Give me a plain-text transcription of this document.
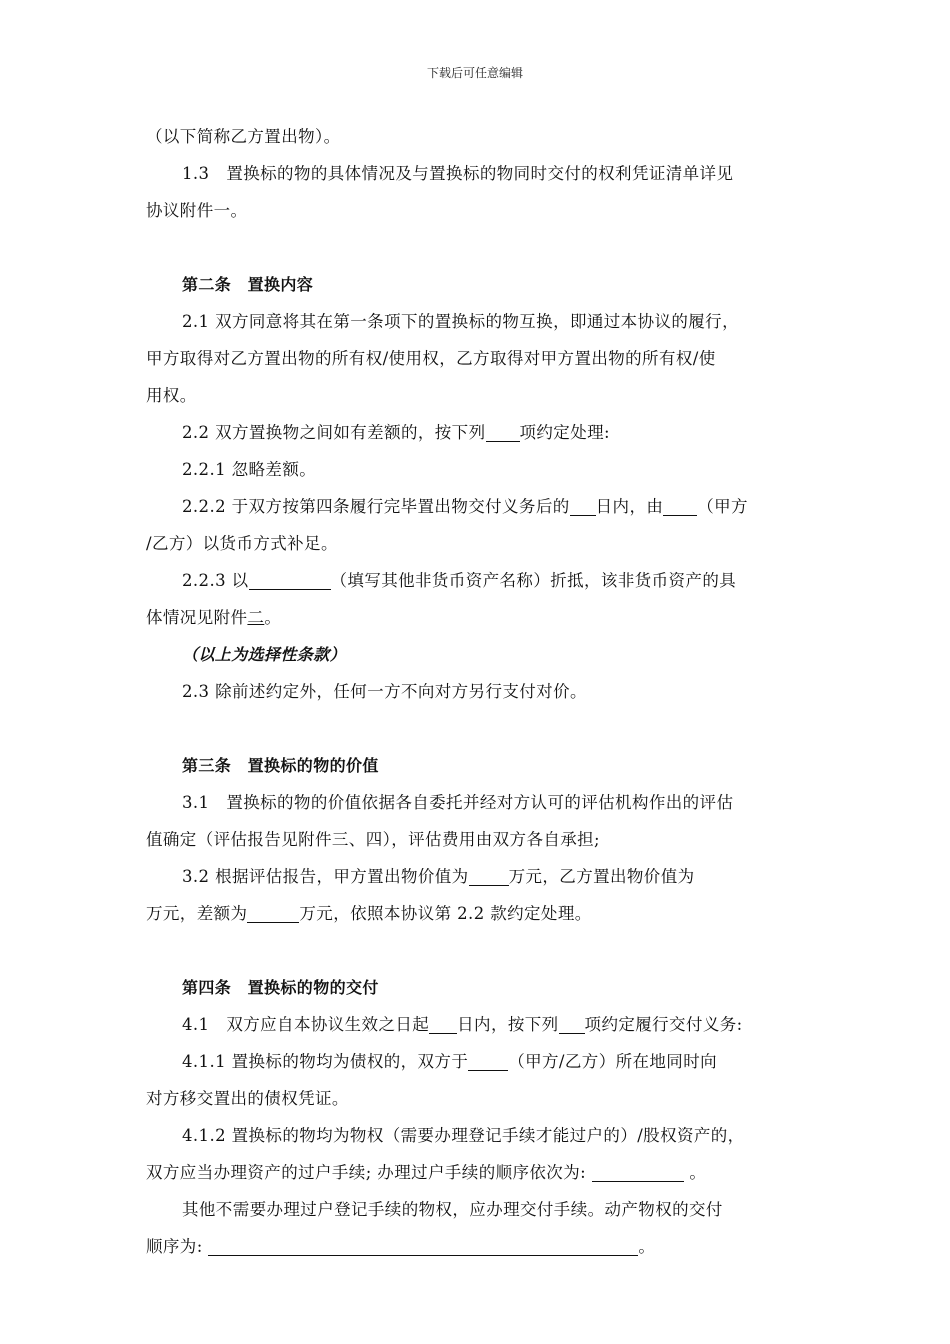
下载后可任意编辑
（以下简称乙方置出物）。
1.3　置换标的物的具体情况及与置换标的物同时交付的权利凭证清单详见
协议附件一。
第二条　置换内容
2.1 双方同意将其在第一条项下的置换标的物互换，即通过本协议的履行，
甲方取得对乙方置出物的所有权/使用权，乙方取得对甲方置出物的所有权/使
用权。
2.2 双方置换物之间如有差额的，按下列 项约定处理:
2.2.1 忽略差额。
2.2.2 于双方按第四条履行完毕置出物交付义务后的 日内，由 （甲方
/乙方）以货币方式补足。
2.2.3 以	（填写其他非货币资产名称）折抵，该非货币资产的具
体情况见附件二。
（以上为选择性条款）
2.3 除前述约定外，任何一方不向对方另行支付对价。
第三条　置换标的物的价值
3.1　置换标的物的价值依据各自委托并经对方认可的评估机构作出的评估
值确定（评估报告见附件三、四），评估费用由双方各自承担;
3.2 根据评估报告，甲方置出物价值为 万元，乙方置出物价值为
万元，差额为	万元，依照本协议第 2.2 款约定处理。
第四条　置换标的物的交付
4.1　双方应自本协议生效之日起 日内，按下列 项约定履行交付义务:
4.1.1 置换标的物均为债权的，双方于 （甲方/乙方）所在地同时向
对方移交置出的债权凭证。
4.1.2 置换标的物均为物权（需要办理登记手续才能过户的）/股权资产的，
双方应当办理资产的过户手续; 办理过户手续的顺序依次为:	。
其他不需要办理过户登记手续的物权，应办理交付手续。动产物权的交付
顺序为:	。
